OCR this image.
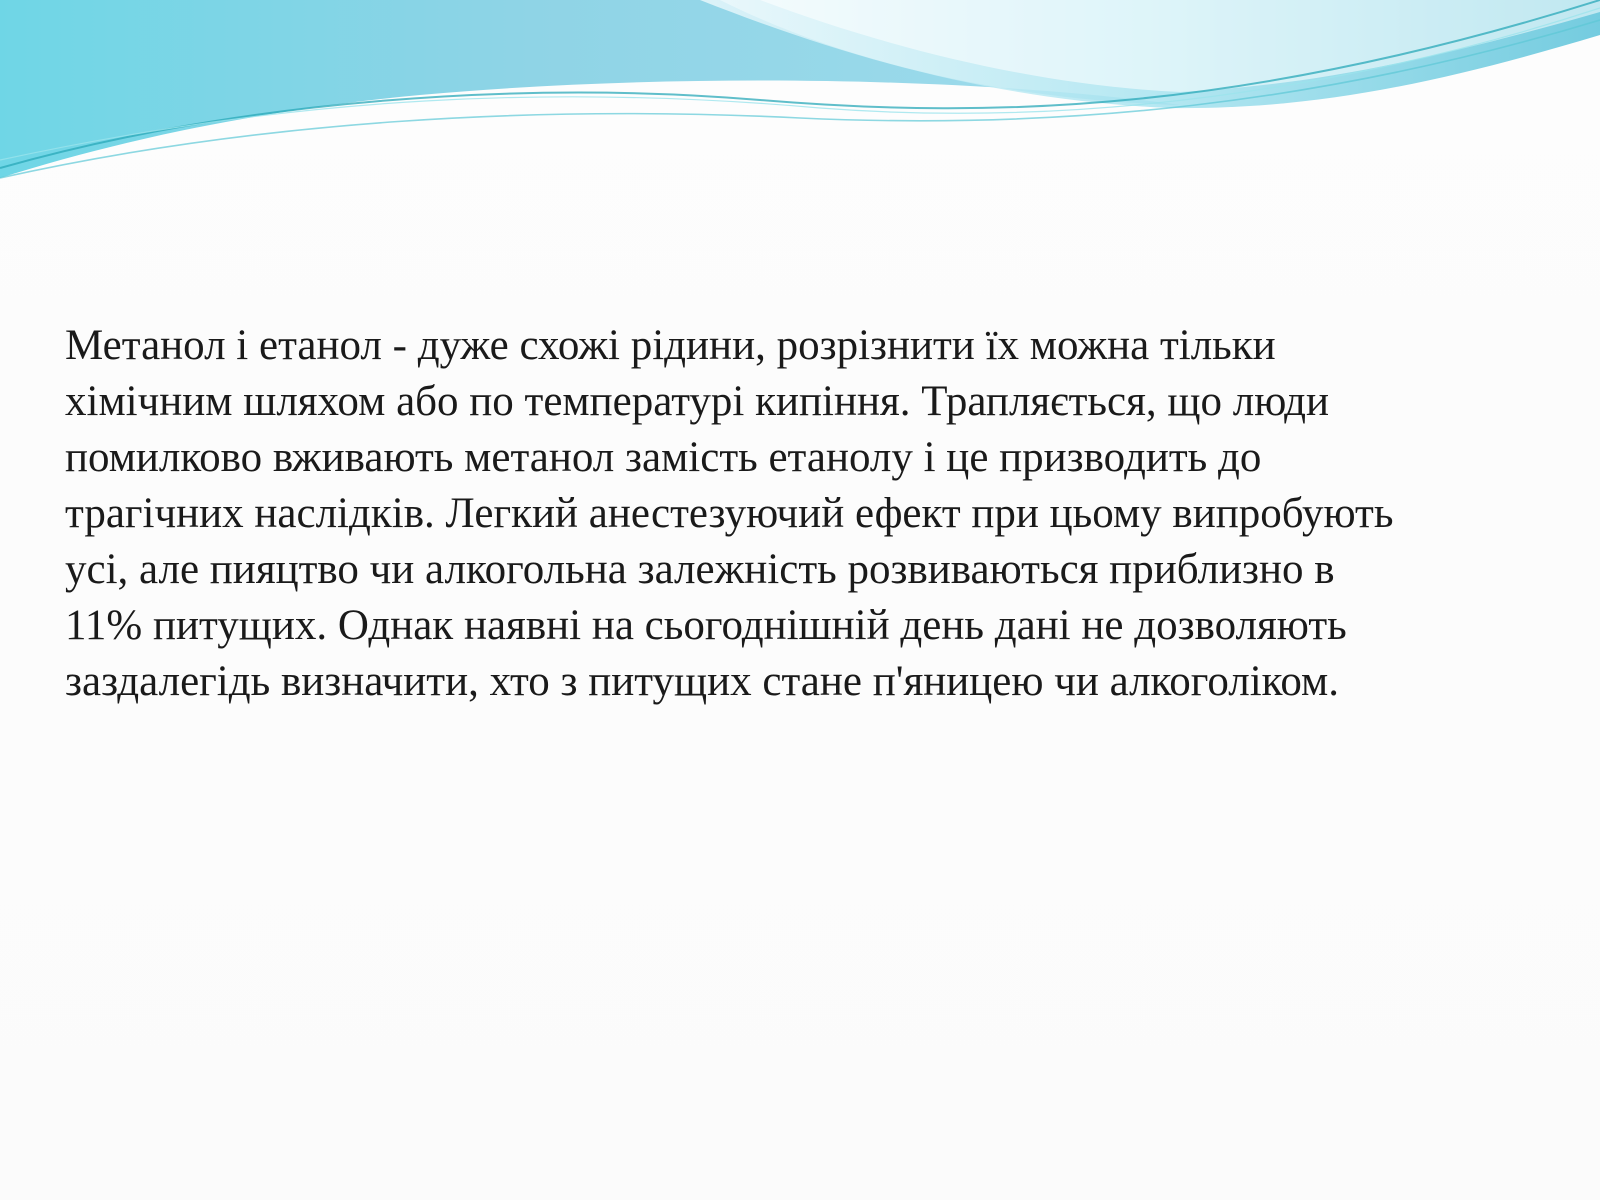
Метанол і етанол - дуже схожі рідини, розрізнити їх можна тільки
хімічним шляхом або по температурі кипіння. Трапляється, що люди
помилково вживають метанол замість етанолу і це призводить до
трагічних наслідків. Легкий анестезуючий ефект при цьому випробують
усі, але пияцтво чи алкогольна залежність розвиваються приблизно в
11% питущих. Однак наявні на сьогоднішній день дані не дозволяють
заздалегідь визначити, хто з питущих стане п'яницею чи алкоголіком.
